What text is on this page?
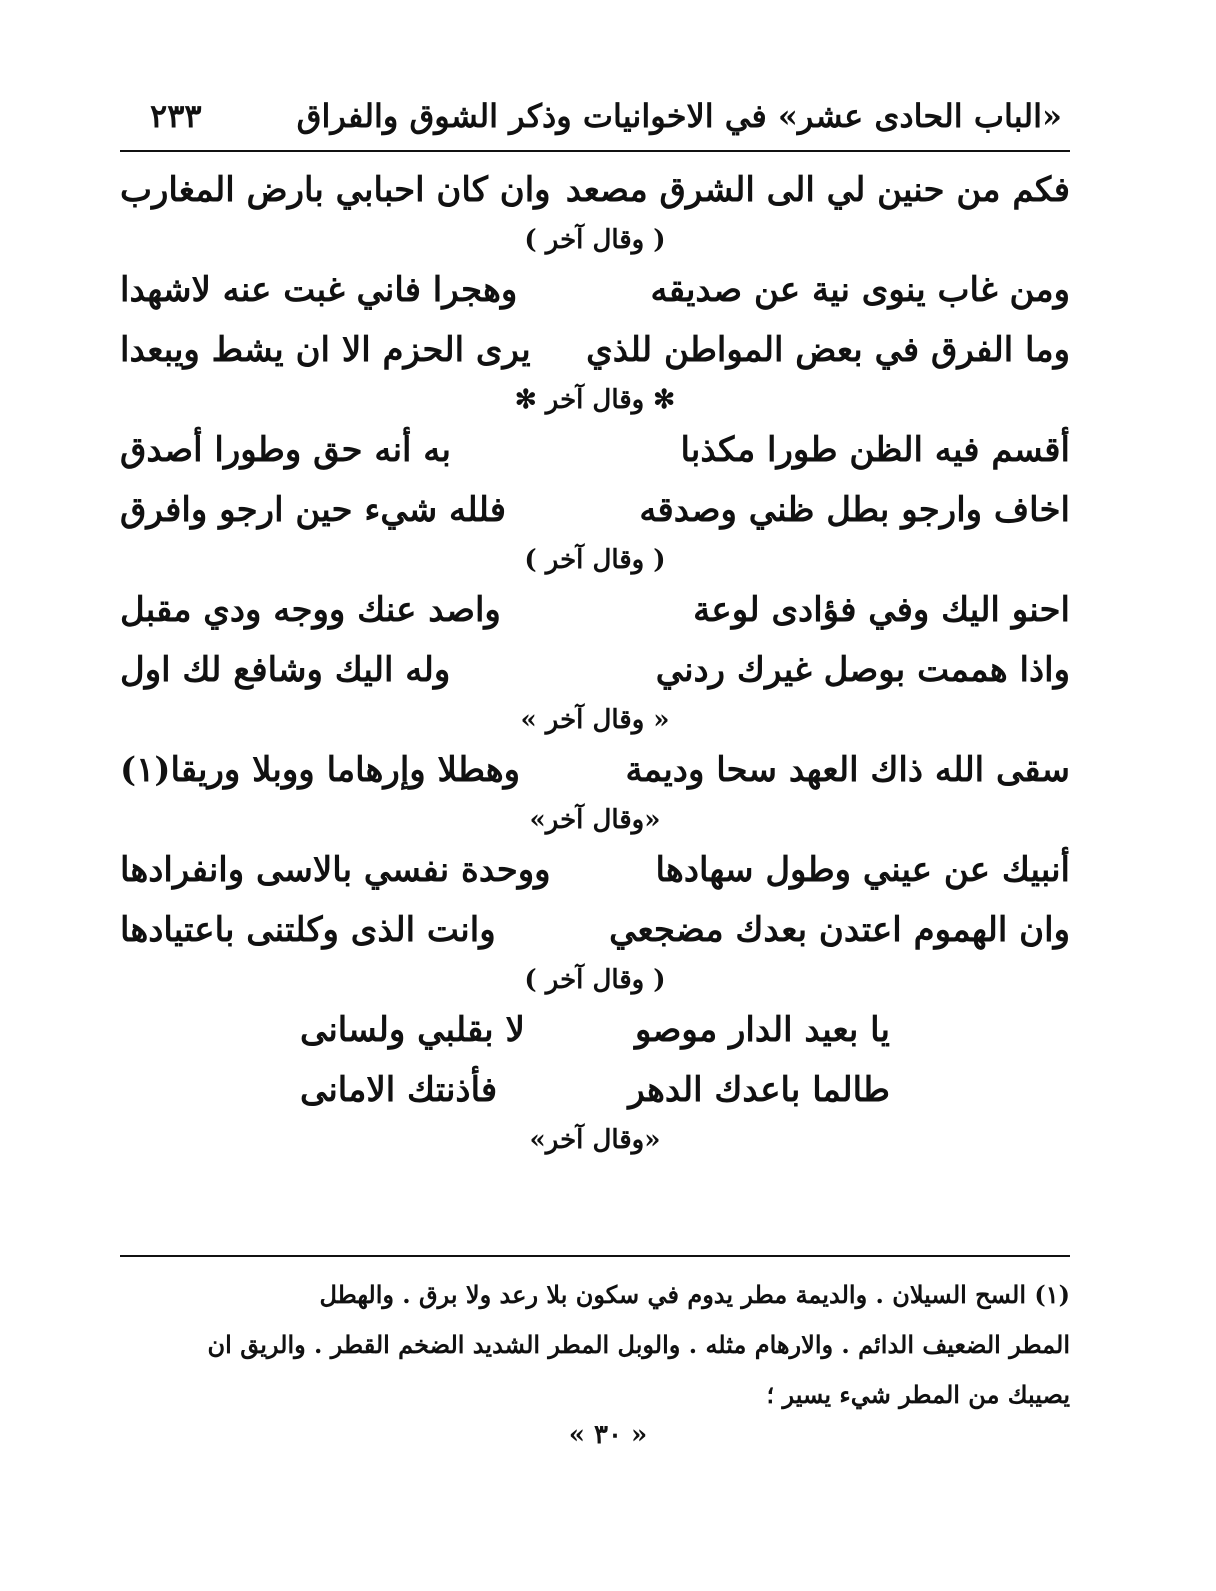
«الباب الحادى عشر» في الاخوانيات وذكر الشوق والفراق
٢٣٣
فكم من حنين لي الى الشرق مصعد
وان كان احبابي بارض المغارب
( وقال آخر )
ومن غاب ينوى نية عن صديقه
وهجرا فاني غبت عنه لاشهدا
وما الفرق في بعض المواطن للذي
يرى الحزم الا ان يشط ويبعدا
✻ وقال آخر ✻
أقسم فيه الظن طورا مكذبا
به أنه حق وطورا أصدق
اخاف وارجو بطل ظني وصدقه
فلله شيء حين ارجو وافرق
( وقال آخر )
احنو اليك وفي فؤادى لوعة
واصد عنك ووجه ودي مقبل
واذا هممت بوصل غيرك ردني
وله اليك وشافع لك اول
« وقال آخر »
سقى الله ذاك العهد سحا وديمة
وهطلا وإرهاما ووبلا وريقا(١)
«وقال آخر»
أنبيك عن عيني وطول سهادها
ووحدة نفسي بالاسى وانفرادها
وان الهموم اعتدن بعدك مضجعي
وانت الذى وكلتنى باعتيادها
( وقال آخر )
يا بعيد الدار موصو
لا بقلبي ولسانى
طالما باعدك الدهر
فأذنتك الامانى
«وقال آخر»
(١) السح السيلان . والديمة مطر يدوم في سكون بلا رعد ولا برق . والهطل
المطر الضعيف الدائم . والارهام مثله . والوبل المطر الشديد الضخم القطر . والريق ان
يصيبك من المطر شيء يسير ؛
« ٣٠ »
